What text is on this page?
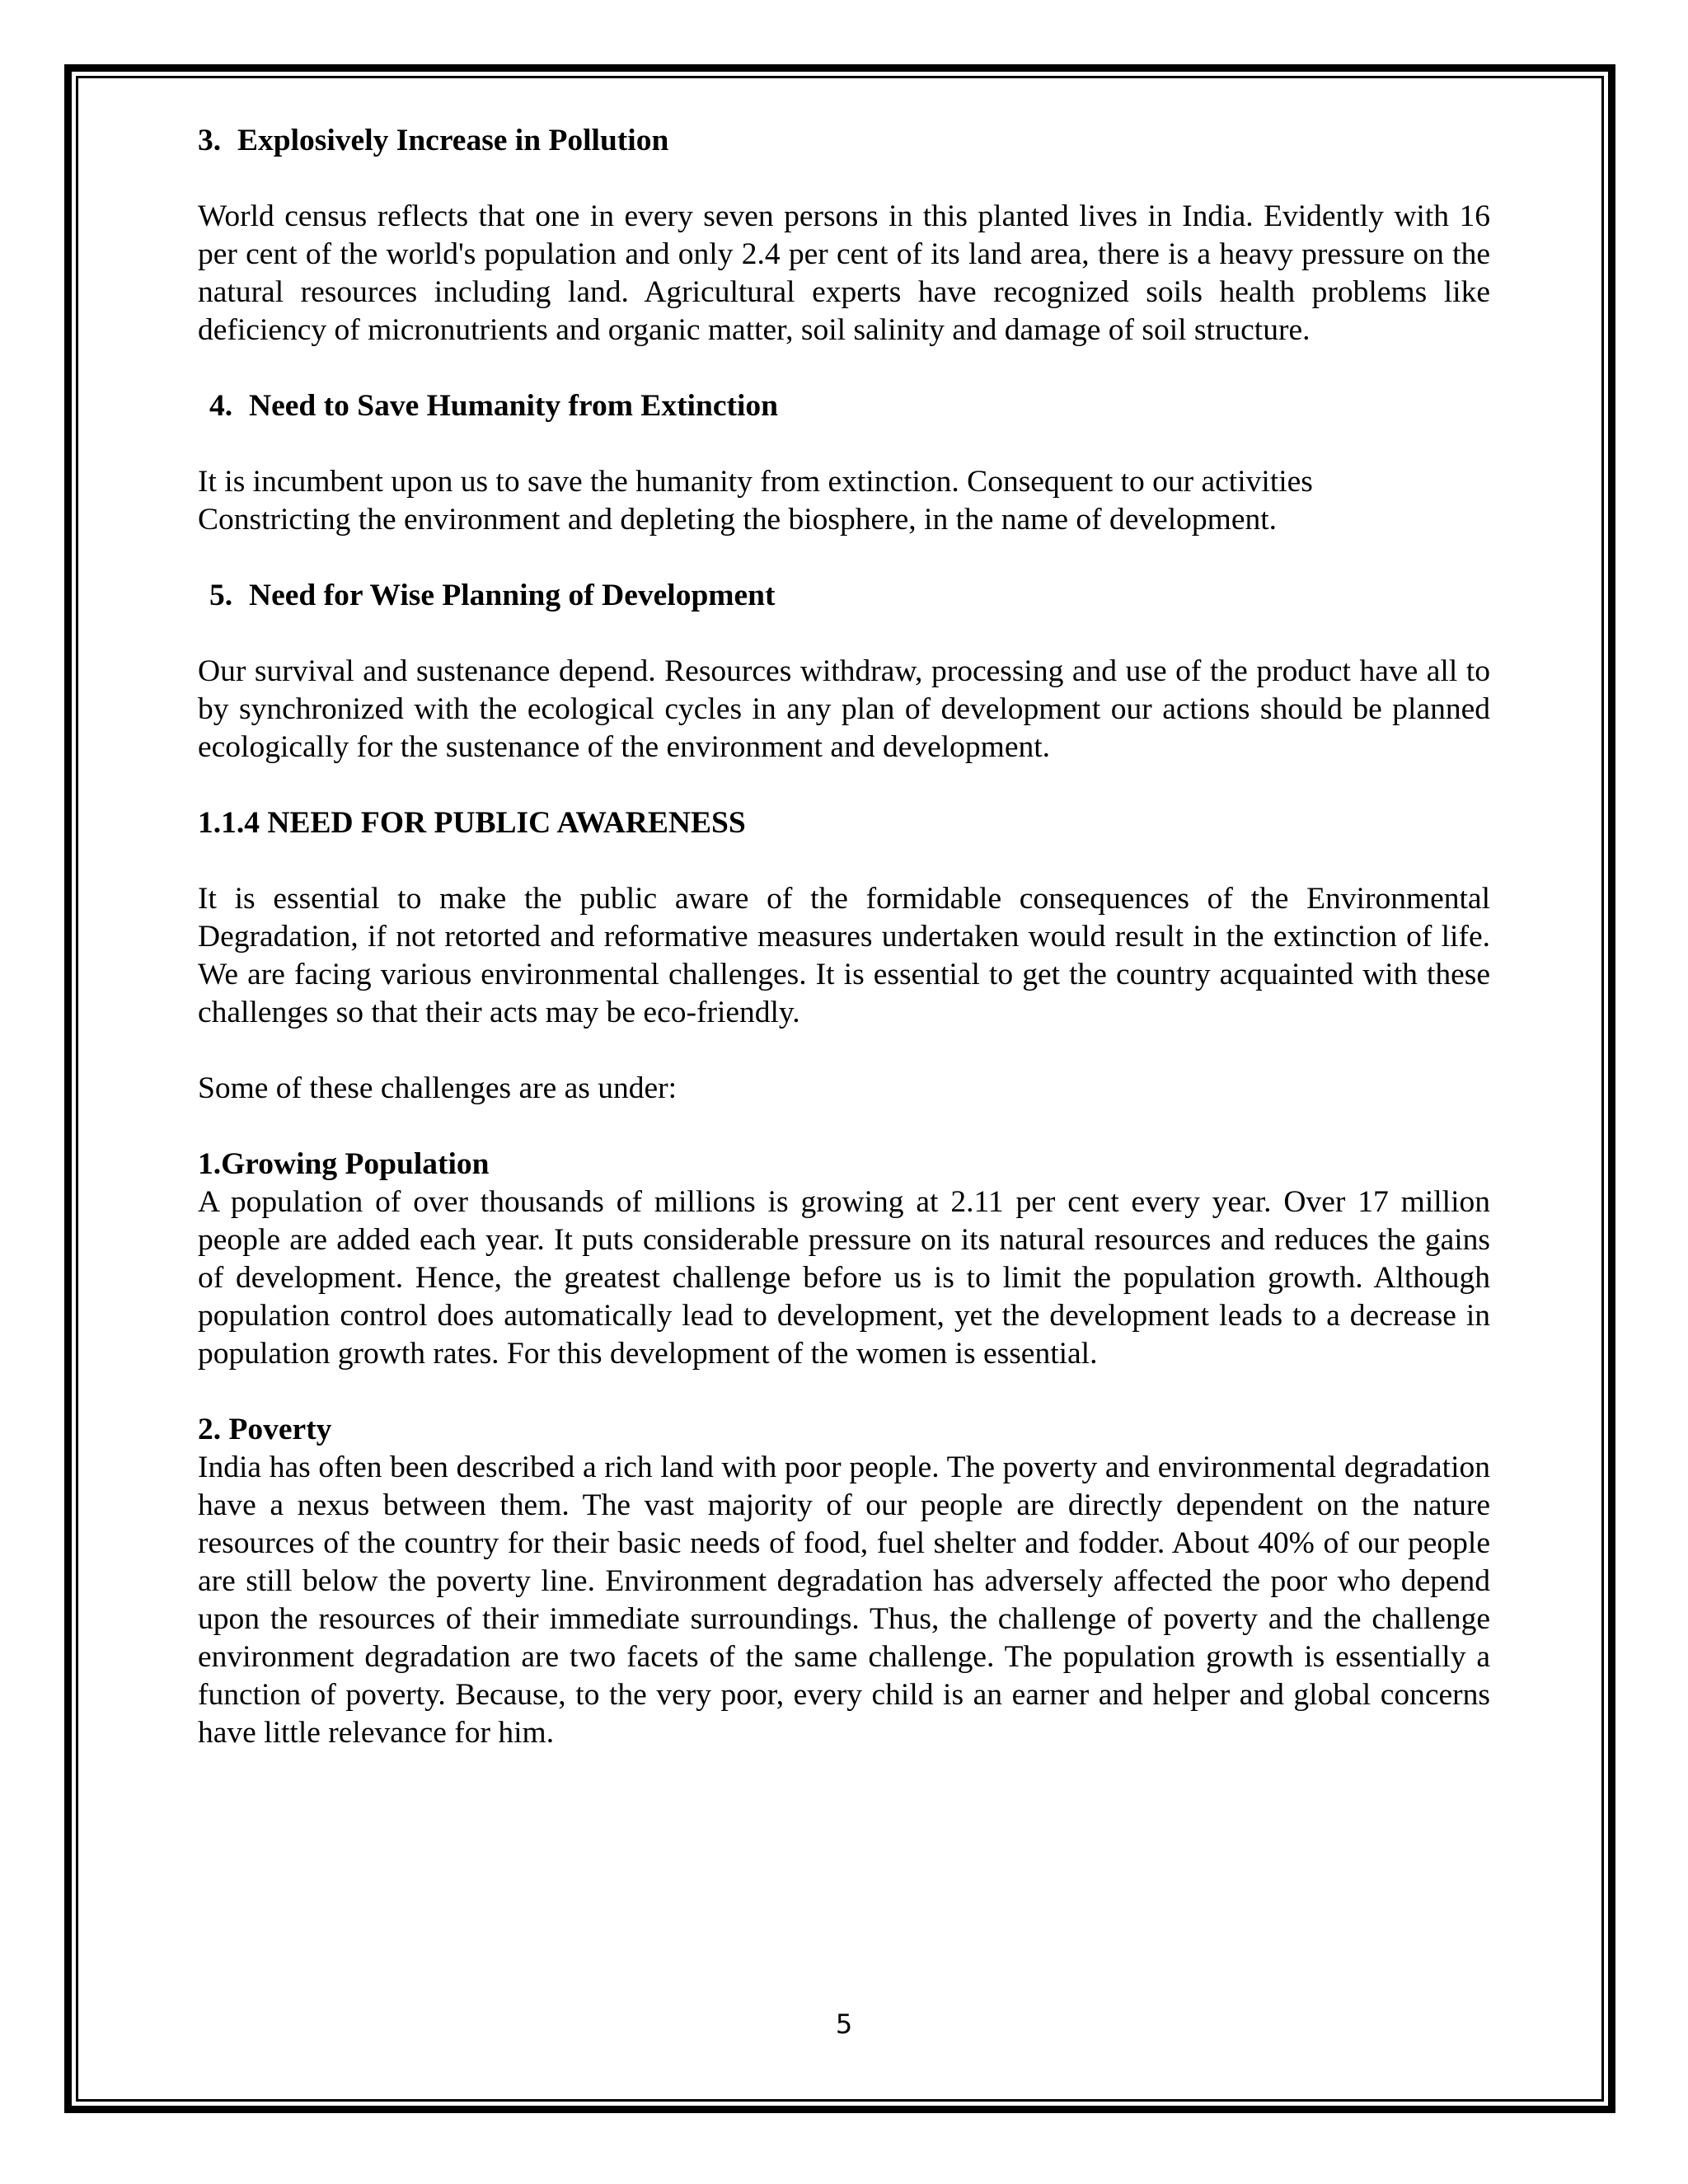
3. Explosively Increase in Pollution

World census reflects that one in every seven persons in this planted lives in India. Evidently with 16 per cent of the world's population and only 2.4 per cent of its land area, there is a heavy pressure on the natural resources including land. Agricultural experts have recognized soils health problems like deficiency of micronutrients and organic matter, soil salinity and damage of soil structure.

4. Need to Save Humanity from Extinction
It is incumbent upon us to save the humanity from extinction. Consequent to our activities
Constricting the environment and depleting the biosphere, in the name of development.
5. Need for Wise Planning of Development

Our survival and sustenance depend. Resources withdraw, processing and use of the product have all to by synchronized with the ecological cycles in any plan of development our actions should be planned ecologically for the sustenance of the environment and development.

1.1.4 NEED FOR PUBLIC AWARENESS

It is essential to make the public aware of the formidable consequences of the Environmental Degradation, if not retorted and reformative measures undertaken would result in the extinction of life. We are facing various environmental challenges. It is essential to get the country acquainted with these challenges so that their acts may be eco-friendly.

Some of these challenges are as under:

1.Growing Population

A population of over thousands of millions is growing at 2.11 per cent every year. Over 17 million people are added each year. It puts considerable pressure on its natural resources and reduces the gains of development. Hence, the greatest challenge before us is to limit the population growth. Although population control does automatically lead to development, yet the development leads to a decrease in population growth rates. For this development of the women is essential.

2. Poverty

India has often been described a rich land with poor people. The poverty and environmental degradation have a nexus between them. The vast majority of our people are directly dependent on the nature resources of the country for their basic needs of food, fuel shelter and fodder. About 40% of our people are still below the poverty line. Environment degradation has adversely affected the poor who depend upon the resources of their immediate surroundings. Thus, the challenge of poverty and the challenge environment degradation are two facets of the same challenge. The population growth is essentially a function of poverty. Because, to the very poor, every child is an earner and helper and global concerns have little relevance for him.

5
